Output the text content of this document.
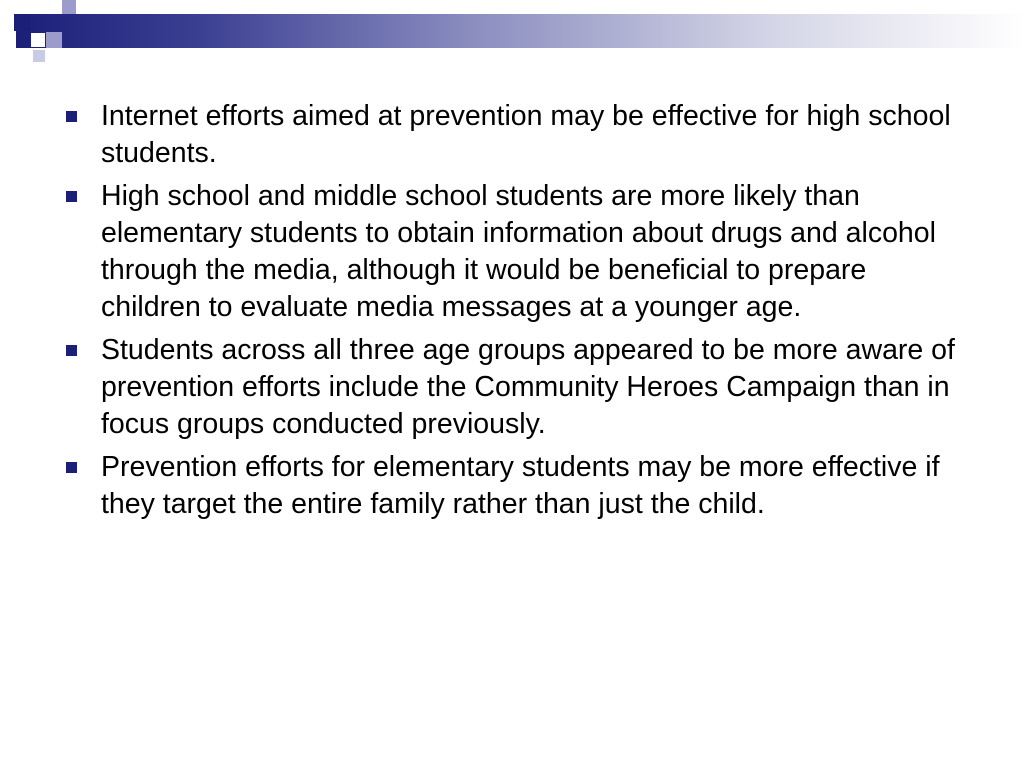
Internet efforts aimed at prevention may be effective for high school students.
High school and middle school students are more likely than elementary students to obtain information about drugs and alcohol through the media, although it would be beneficial to prepare children to evaluate media messages at a younger age.
Students across all three age groups appeared to be more aware of prevention efforts include the Community Heroes Campaign than in focus groups conducted previously.
Prevention efforts for elementary students may be more effective if they target the entire family rather than just the child.
